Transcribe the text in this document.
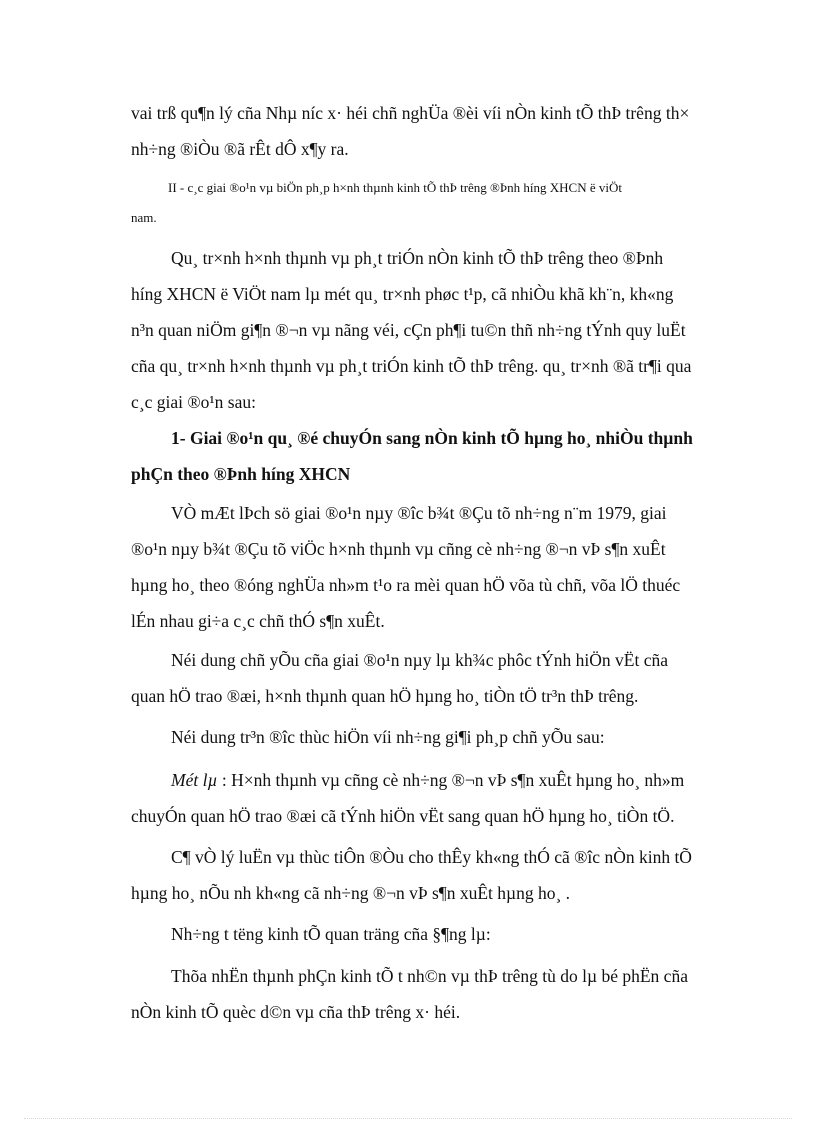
vai trß qu¶n lý cña Nhµ níc x· héi chñ nghÜa ®èi víi nÒn kinh tÕ thÞ trêng th×
nh÷ng ®iÒu ®ã rÊt dÔ x¶y ra.

II - c¸c giai ®o¹n vµ biÖn ph¸p h×nh thµnh kinh tÕ thÞ trêng ®Þnh híng XHCN ë viÖt

nam.

Qu¸ tr×nh h×nh thµnh vµ ph¸t triÓn nÒn kinh tÕ thÞ trêng theo ®Þnh

híng XHCN ë ViÖt nam lµ mét qu¸ tr×nh phøc t¹p, cã nhiÒu khã kh¨n, kh«ng
n³n quan niÖm gi¶n ®¬n vµ nãng véi, cÇn ph¶i tu©n thñ nh÷ng tÝnh quy luËt
cña qu¸ tr×nh h×nh thµnh vµ ph¸t triÓn kinh tÕ thÞ trêng. qu¸ tr×nh ®ã tr¶i qua
c¸c giai ®o¹n sau:

1- Giai ®o¹n qu¸ ®é chuyÓn sang nÒn kinh tÕ hµng ho¸ nhiÒu thµnh

phÇn theo ®Þnh híng XHCN

VÒ mÆt lÞch sö giai ®o¹n nµy ®îc b¾t ®Çu tõ nh÷ng n¨m 1979, giai

®o¹n nµy b¾t ®Çu tõ viÖc h×nh thµnh vµ cñng cè nh÷ng ®¬n vÞ s¶n xuÊt
hµng ho¸ theo ®óng nghÜa nh»m t¹o ra mèi quan hÖ võa tù chñ, võa lÖ thuéc
lÉn nhau gi÷a c¸c chñ thÓ s¶n xuÊt.

Néi dung chñ yÕu cña giai ®o¹n nµy lµ kh¾c phôc tÝnh hiÖn vËt cña

quan hÖ trao ®æi, h×nh thµnh quan hÖ hµng ho¸ tiÒn tÖ tr³n thÞ trêng.

Néi dung tr³n ®îc thùc hiÖn víi nh÷ng gi¶i ph¸p chñ yÕu sau:

Mét lµ : H×nh thµnh vµ cñng cè nh÷ng ®¬n vÞ s¶n xuÊt hµng ho¸ nh»m

chuyÓn quan hÖ trao ®æi cã tÝnh hiÖn vËt sang quan hÖ hµng ho¸ tiÒn tÖ.

C¶ vÒ lý luËn vµ thùc tiÔn ®Òu cho thÊy kh«ng thÓ cã ®îc nÒn kinh tÕ

hµng ho¸ nÕu nh kh«ng cã nh÷ng ®¬n vÞ s¶n xuÊt hµng ho¸ .

Nh÷ng t tëng kinh tÕ quan träng cña §¶ng lµ:

Thõa nhËn thµnh phÇn kinh tÕ t nh©n vµ thÞ trêng tù do lµ bé phËn cña

nÒn kinh tÕ quèc d©n vµ cña thÞ trêng x· héi.
